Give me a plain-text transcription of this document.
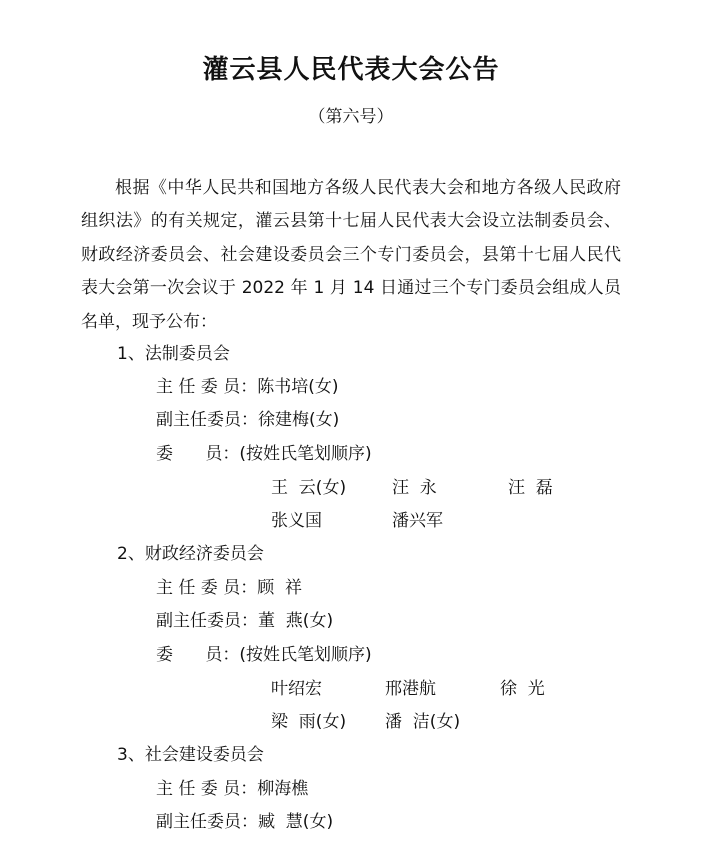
灌云县人民代表大会公告
（第六号）

根据《中华人民共和国地方各级人民代表大会和地方各级人民政府组织法》的有关规定，灌云县第十七届人民代表大会设立法制委员会、财政经济委员会、社会建设委员会三个专门委员会，县第十七届人民代表大会第一次会议于 2022 年 1 月 14 日通过三个专门委员会组成人员名单，现予公布：

1、法制委员会
主 任 委 员：陈书培(女)
副主任委员：徐建梅(女)
委      员：(按姓氏笔划顺序)
王  云(女)	汪  永	汪  磊
张义国	潘兴军
2、财政经济委员会
主 任 委 员：顾  祥
副主任委员：董  燕(女)
委      员：(按姓氏笔划顺序)
叶绍宏	邢港航	徐  光
梁  雨(女) 潘  洁(女)
3、社会建设委员会
主 任 委 员：柳海樵
副主任委员：臧  慧(女)
